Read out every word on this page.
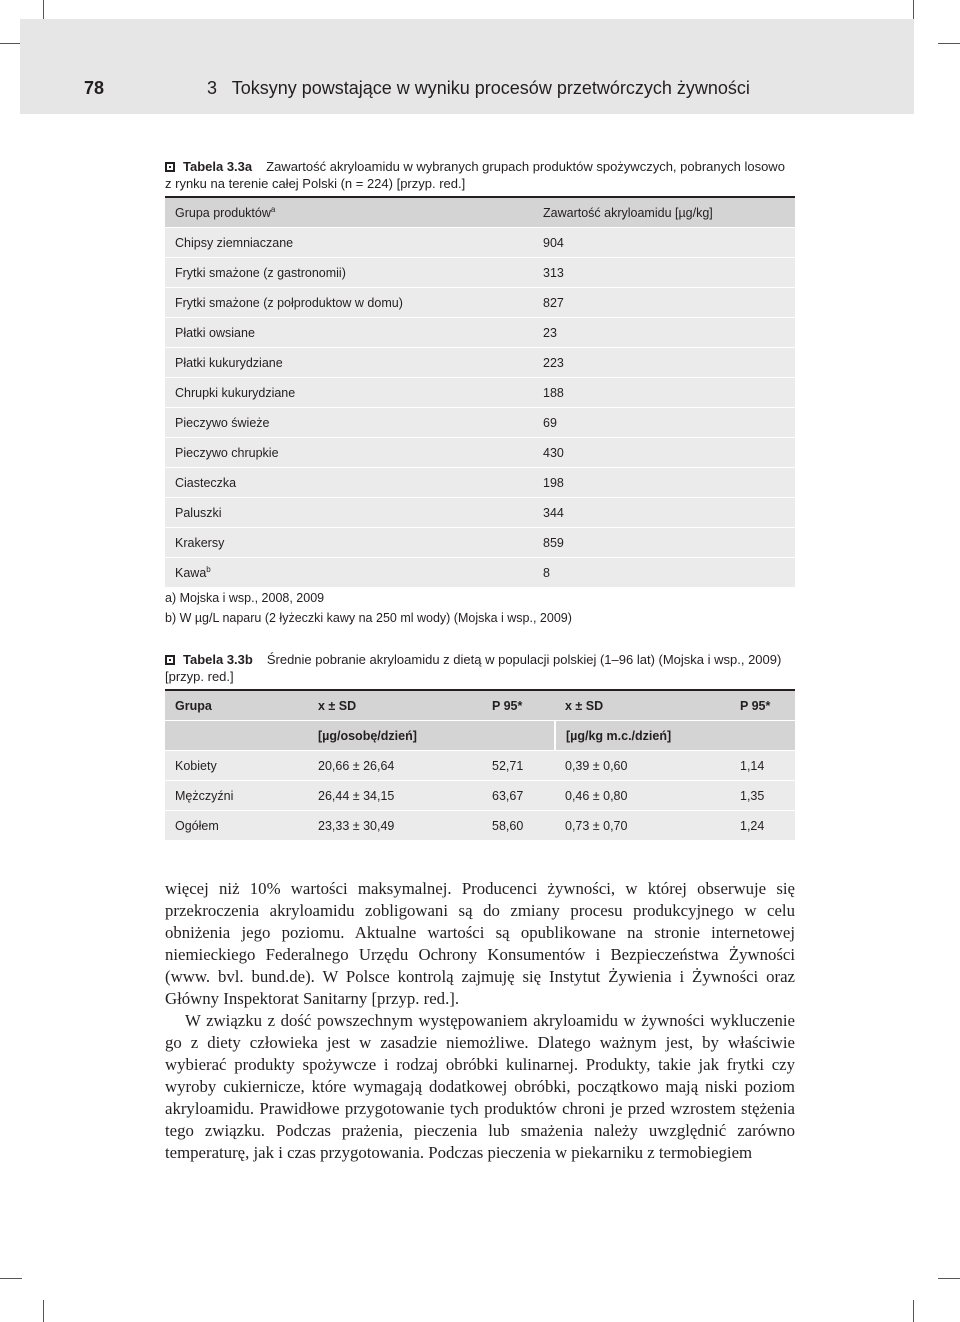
78	3   Toksyny powstające w wyniku procesów przetwórczych żywności
Tabela 3.3a Zawartość akryloamidu w wybranych grupach produktów spożywczych, pobranych losowo z rynku na terenie całej Polski (n = 224) [przyp. red.]
Grupa produktów$^a$	Zawartość akryloamidu [µg/kg]
Chipsy ziemniaczane	904
Frytki smażone (z gastronomii)	313
Frytki smażone (z połproduktow w domu)	827
Płatki owsiane	23
Płatki kukurydziane	223
Chrupki kukurydziane	188
Pieczywo świeże	69
Pieczywo chrupkie	430
Ciasteczka	198
Paluszki	344
Krakersy	859
Kawa$^b$	8
a) Mojska i wsp., 2008, 2009
b) W µg/L naparu (2 łyżeczki kawy na 250 ml wody) (Mojska i wsp., 2009)
Tabela 3.3b Średnie pobranie akryloamidu z dietą w populacji polskiej (1–96 lat) (Mojska i wsp., 2009) [przyp. red.]
Grupa	x ± SD	P 95*	x ± SD	P 95*
	[µg/osobę/dzień]		[µg/kg m.c./dzień]	
Kobiety	20,66 ± 26,64	52,71	0,39 ± 0,60	1,14
Mężczyźni	26,44 ± 34,15	63,67	0,46 ± 0,80	1,35
Ogółem	23,33 ± 30,49	58,60	0,73 ± 0,70	1,24

więcej niż 10% wartości maksymalnej. Producenci żywności, w której obserwuje się przekroczenia akryloamidu zobligowani są do zmiany procesu produkcyjnego w celu obniżenia jego poziomu. Aktualne wartości są opublikowane na stronie internetowej niemieckiego Federalnego Urzędu Ochrony Konsumentów i Bezpieczeństwa Żywności (www. bvl. bund.de). W Polsce kontrolą zajmuję się Instytut Żywienia i Żywności oraz Główny Inspektorat Sanitarny [przyp. red.].

W związku z dość powszechnym występowaniem akryloamidu w żywności wykluczenie go z diety człowieka jest w zasadzie niemożliwe. Dlatego ważnym jest, by właściwie wybierać produkty spożywcze i rodzaj obróbki kulinarnej. Produkty, takie jak frytki czy wyroby cukiernicze, które wymagają dodatkowej obróbki, początkowo mają niski poziom akryloamidu. Prawidłowe przygotowanie tych produktów chroni je przed wzrostem stężenia tego związku. Podczas prażenia, pieczenia lub smażenia należy uwzględnić zarówno temperaturę, jak i czas przygotowania. Podczas pieczenia w piekarniku z termobiegiem
